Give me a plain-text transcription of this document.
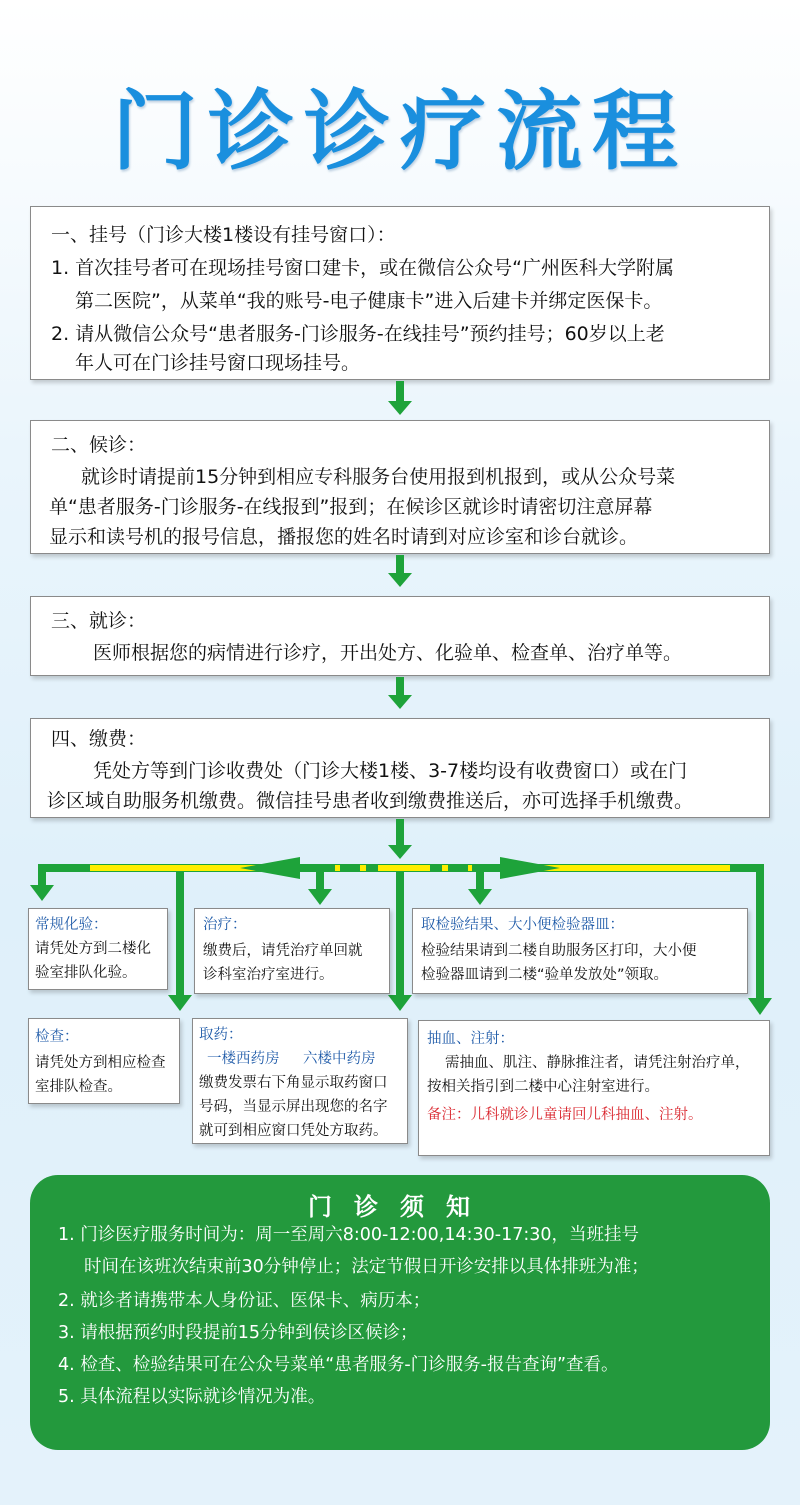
门诊诊疗流程
一、挂号（门诊大楼1楼设有挂号窗口）：
1. 首次挂号者可在现场挂号窗口建卡，或在微信公众号“广州医科大学附属
第二医院”，从菜单“我的账号-电子健康卡”进入后建卡并绑定医保卡。
2. 请从微信公众号“患者服务-门诊服务-在线挂号”预约挂号；60岁以上老
年人可在门诊挂号窗口现场挂号。
二、候诊：
就诊时请提前15分钟到相应专科服务台使用报到机报到，或从公众号菜
单“患者服务-门诊服务-在线报到”报到；在候诊区就诊时请密切注意屏幕
显示和读号机的报号信息，播报您的姓名时请到对应诊室和诊台就诊。
三、就诊：
医师根据您的病情进行诊疗，开出处方、化验单、检查单、治疗单等。
四、缴费：
凭处方等到门诊收费处（门诊大楼1楼、3-7楼均设有收费窗口）或在门
诊区域自助服务机缴费。微信挂号患者收到缴费推送后，亦可选择手机缴费。
常规化验：
请凭处方到二楼化
验室排队化验。
治疗：
缴费后，请凭治疗单回就
诊科室治疗室进行。
取检验结果、大小便检验器皿：
检验结果请到二楼自助服务区打印，大小便
检验器皿请到二楼“验单发放处”领取。
检查：
请凭处方到相应检查
室排队检查。
取药：
一楼西药房 六楼中药房
缴费发票右下角显示取药窗口
号码，当显示屏出现您的名字
就可到相应窗口凭处方取药。
抽血、注射：
需抽血、肌注、静脉推注者，请凭注射治疗单，
按相关指引到二楼中心注射室进行。
备注：儿科就诊儿童请回儿科抽血、注射。
门诊须知
1. 门诊医疗服务时间为：周一至周六8:00-12:00,14:30-17:30，当班挂号
时间在该班次结束前30分钟停止；法定节假日开诊安排以具体排班为准；
2. 就诊者请携带本人身份证、医保卡、病历本；
3. 请根据预约时段提前15分钟到侯诊区候诊；
4. 检查、检验结果可在公众号菜单“患者服务-门诊服务-报告查询”查看。
5. 具体流程以实际就诊情况为准。
